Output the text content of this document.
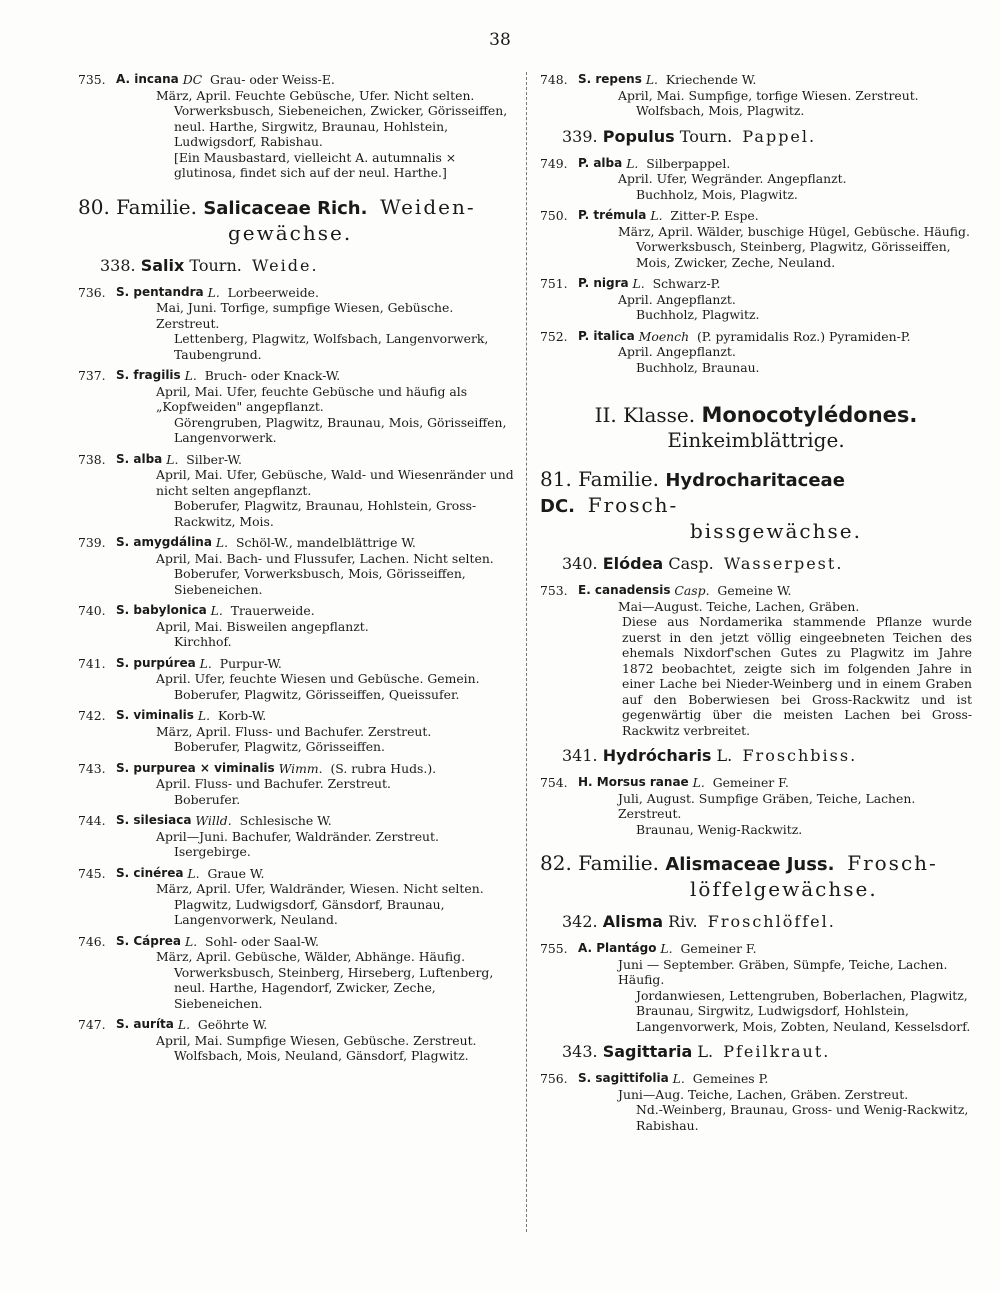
38
735. A. incana
DC
Grau- oder Weiss-E.
März, April. Feuchte Gebüsche, Ufer. Nicht selten.
Vorwerksbusch, Siebeneichen, Zwicker, Görisseiffen, neul. Harthe, Sirgwitz, Braunau, Hohlstein, Ludwigsdorf, Rabishau.
[Ein Mausbastard, vielleicht A. autumnalis × glutinosa, findet sich auf der neul. Harthe.]
80. Familie. Salicaceae Rich. Weiden-
gewächse.
338. Salix Tourn. Weide.
736. S. pentandra
L.
Lorbeerweide.
Mai, Juni. Torfige, sumpfige Wiesen, Gebüsche. Zerstreut.
Lettenberg, Plagwitz, Wolfsbach, Langenvorwerk, Taubengrund.
737. S. fragilis
L.
Bruch- oder Knack-W.
April, Mai. Ufer, feuchte Gebüsche und häufig als „Kopfweiden" angepflanzt.
Görengruben, Plagwitz, Braunau, Mois, Görisseiffen, Langenvorwerk.
738. S. alba
L.
Silber-W.
April, Mai. Ufer, Gebüsche, Wald- und Wiesenränder und nicht selten angepflanzt.
Boberufer, Plagwitz, Braunau, Hohlstein, Gross-Rackwitz, Mois.
739. S. amygdálina
L.
Schöl-W., mandelblättrige W.
April, Mai. Bach- und Flussufer, Lachen. Nicht selten.
Boberufer, Vorwerksbusch, Mois, Görisseiffen, Siebeneichen.
740. S. babylonica
L.
Trauerweide.
April, Mai. Bisweilen angepflanzt.
Kirchhof.
741. S. purpúrea
L.
Purpur-W.
April. Ufer, feuchte Wiesen und Gebüsche. Gemein.
Boberufer, Plagwitz, Görisseiffen, Queissufer.
742. S. viminalis
L.
Korb-W.
März, April. Fluss- und Bachufer. Zerstreut.
Boberufer, Plagwitz, Görisseiffen.
743. S. purpurea × viminalis
Wimm.
(S. rubra Huds.).
April. Fluss- und Bachufer. Zerstreut.
Boberufer.
744. S. silesiaca
Willd.
Schlesische W.
April—Juni. Bachufer, Waldränder. Zerstreut.
Isergebirge.
745. S. cinérea
L.
Graue W.
März, April. Ufer, Waldränder, Wiesen. Nicht selten.
Plagwitz, Ludwigsdorf, Gänsdorf, Braunau, Langenvorwerk, Neuland.
746. S. Cáprea
L.
Sohl- oder Saal-W.
März, April. Gebüsche, Wälder, Abhänge. Häufig.
Vorwerksbusch, Steinberg, Hirseberg, Luftenberg, neul. Harthe, Hagendorf, Zwicker, Zeche, Siebeneichen.
747. S. auríta
L.
Geöhrte W.
April, Mai. Sumpfige Wiesen, Gebüsche. Zerstreut.
Wolfsbach, Mois, Neuland, Gänsdorf, Plagwitz.
748. S. repens
L.
Kriechende W.
April, Mai. Sumpfige, torfige Wiesen. Zerstreut.
Wolfsbach, Mois, Plagwitz.
339. Populus Tourn. Pappel.
749. P. alba
L.
Silberpappel.
April. Ufer, Wegränder. Angepflanzt.
Buchholz, Mois, Plagwitz.
750. P. trémula
L.
Zitter-P. Espe.
März, April. Wälder, buschige Hügel, Gebüsche. Häufig.
Vorwerksbusch, Steinberg, Plagwitz, Görisseiffen, Mois, Zwicker, Zeche, Neuland.
751. P. nigra
L.
Schwarz-P.
April. Angepflanzt.
Buchholz, Plagwitz.
752. P. italica
Moench
(P. pyramidalis Roz.) Pyramiden-P.
April. Angepflanzt.
Buchholz, Braunau.
II. Klasse. Monocotylédones.
Einkeimblättrige.
81. Familie. Hydrocharitaceae DC. Frosch-
bissgewächse.
340. Elódea Casp. Wasserpest.
753. E. canadensis
Casp.
Gemeine W.
Mai—August. Teiche, Lachen, Gräben.
Diese aus Nordamerika stammende Pflanze wurde zuerst in den jetzt völlig eingeebneten Teichen des ehemals Nixdorf'schen Gutes zu Plagwitz im Jahre 1872 beobachtet, zeigte sich im folgenden Jahre in einer Lache bei Nieder-Weinberg und in einem Graben auf den Boberwiesen bei Gross-Rackwitz und ist gegenwärtig über die meisten Lachen bei Gross-Rackwitz verbreitet.
341. Hydrócharis L. Froschbiss.
754. H. Morsus ranae
L.
Gemeiner F.
Juli, August. Sumpfige Gräben, Teiche, Lachen. Zerstreut.
Braunau, Wenig-Rackwitz.
82. Familie. Alismaceae Juss. Frosch-
löffelgewächse.
342. Alisma Riv. Froschlöffel.
755. A. Plantágo
L.
Gemeiner F.
Juni — September. Gräben, Sümpfe, Teiche, Lachen. Häufig.
Jordanwiesen, Lettengruben, Boberlachen, Plagwitz, Braunau, Sirgwitz, Ludwigsdorf, Hohlstein, Langenvorwerk, Mois, Zobten, Neuland, Kesselsdorf.
343. Sagittaria L. Pfeilkraut.
756. S. sagittifolia
L.
Gemeines P.
Juni—Aug. Teiche, Lachen, Gräben. Zerstreut.
Nd.-Weinberg, Braunau, Gross- und Wenig-Rackwitz, Rabishau.
